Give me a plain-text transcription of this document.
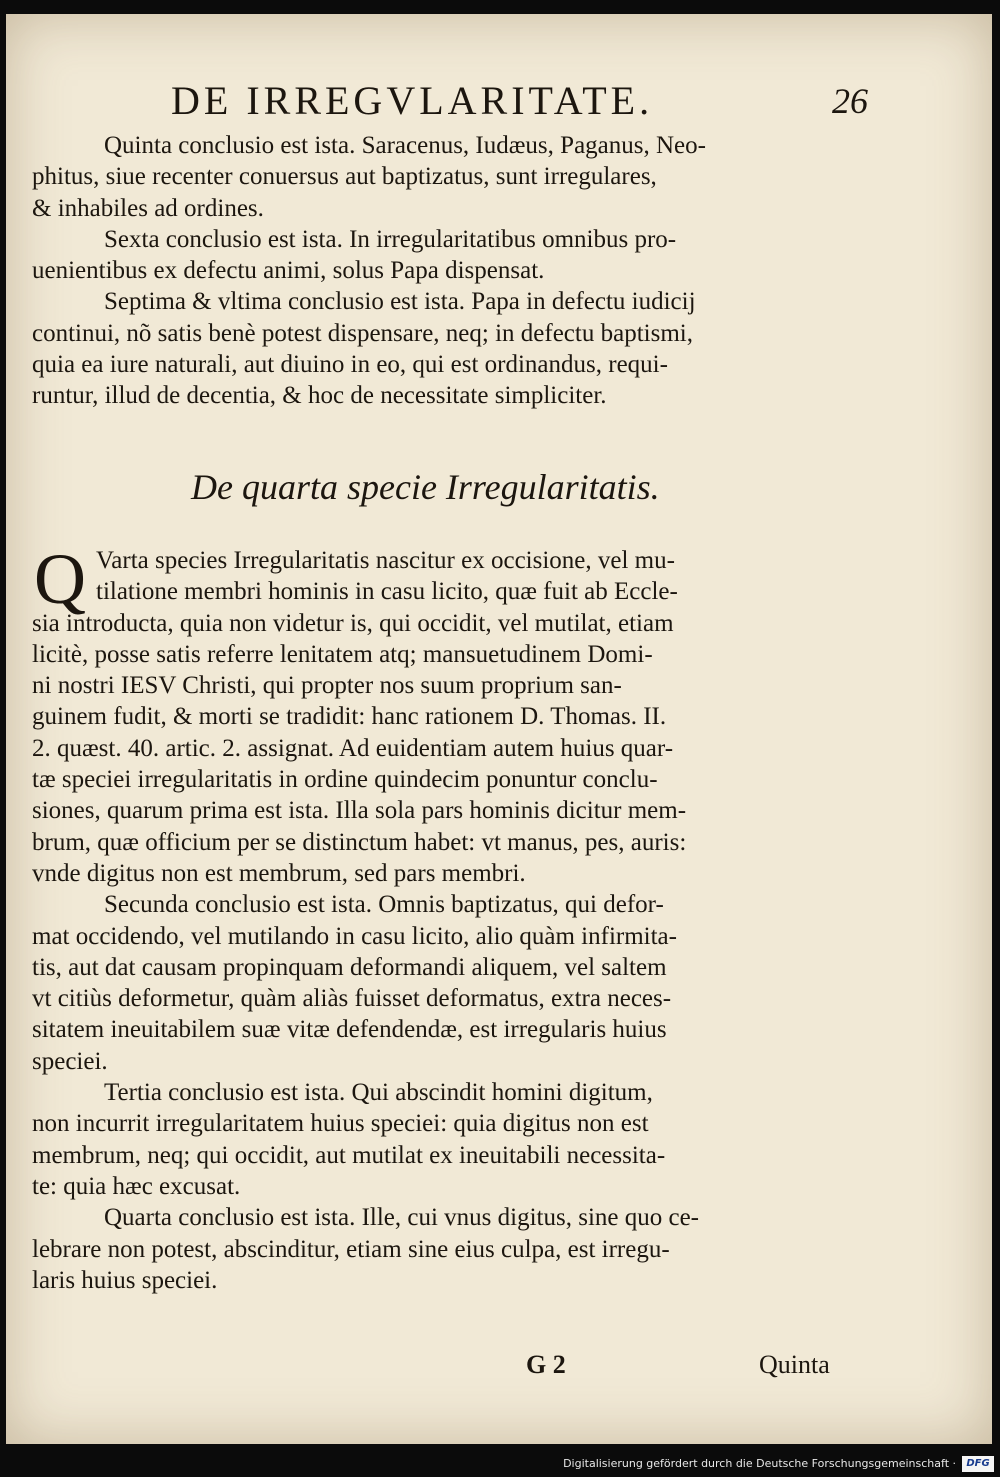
DE IRREGVLARITATE.	26
Quinta conclusio est ista. Saracenus, Iudæus, Paganus, Neo-
phitus, siue recenter conuersus aut baptizatus, sunt irregulares,
& inhabiles ad ordines.
Sexta conclusio est ista. In irregularitatibus omnibus pro-
uenientibus ex defectu animi, solus Papa dispensat.
Septima & vltima conclusio est ista. Papa in defectu iudicij
continui, nõ satis benè potest dispensare, neq; in defectu baptismi,
quia ea iure naturali, aut diuino in eo, qui est ordinandus, requi-
runtur, illud de decentia, & hoc de necessitate simpliciter.
De quarta specie Irregularitatis.
Q Varta species Irregularitatis nascitur ex occisione, vel mu-
tilatione membri hominis in casu licito, quæ fuit ab Eccle-
sia introducta, quia non videtur is, qui occidit, vel mutilat, etiam
licitè, posse satis referre lenitatem atq; mansuetudinem Domi-
ni nostri IESV Christi, qui propter nos suum proprium san-
guinem fudit, & morti se tradidit: hanc rationem D. Thomas. II.
2. quæst. 40. artic. 2. assignat. Ad euidentiam autem huius quar-
tæ speciei irregularitatis in ordine quindecim ponuntur conclu-
siones, quarum prima est ista. Illa sola pars hominis dicitur mem-
brum, quæ officium per se distinctum habet: vt manus, pes, auris:
vnde digitus non est membrum, sed pars membri.
Secunda conclusio est ista. Omnis baptizatus, qui defor-
mat occidendo, vel mutilando in casu licito, alio quàm infirmita-
tis, aut dat causam propinquam deformandi aliquem, vel saltem
vt citiùs deformetur, quàm aliàs fuisset deformatus, extra neces-
sitatem ineuitabilem suæ vitæ defendendæ, est irregularis huius
speciei.
Tertia conclusio est ista. Qui abscindit homini digitum,
non incurrit irregularitatem huius speciei: quia digitus non est
membrum, neq; qui occidit, aut mutilat ex ineuitabili necessita-
te: quia hæc excusat.
Quarta conclusio est ista. Ille, cui vnus digitus, sine quo ce-
lebrare non potest, abscinditur, etiam sine eius culpa, est irregu-
laris huius speciei.
G 2	Quinta
Digitalisierung gefördert durch die Deutsche Forschungsgemeinschaft ·	DFG
